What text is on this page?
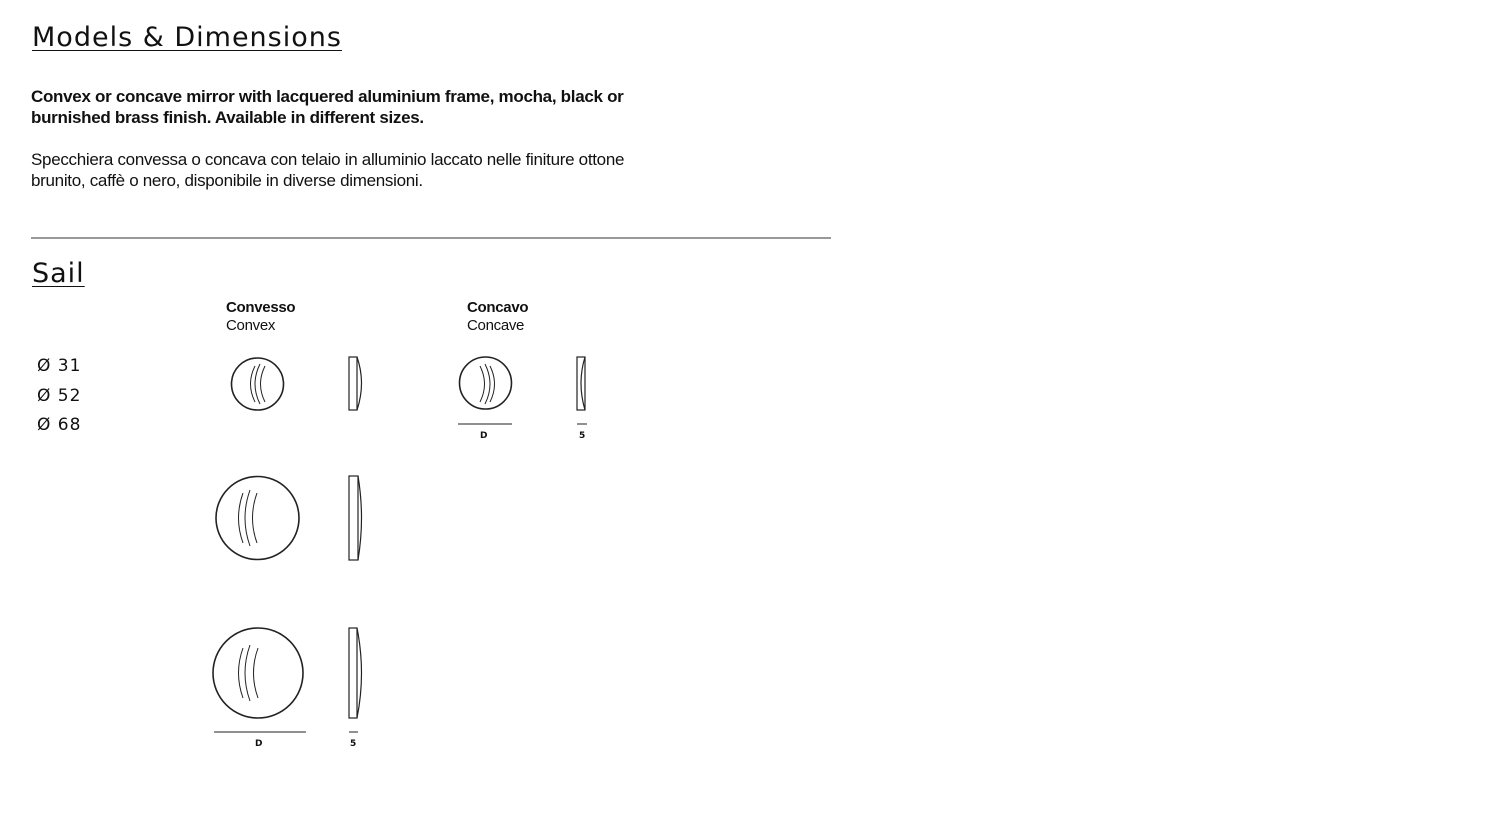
Models & Dimensions
Convex or concave mirror with lacquered aluminium frame, mocha, black or burnished brass finish. Available in different sizes.
Specchiera convessa o concava con telaio in alluminio laccato nelle finiture ottone brunito, caffè o nero, disponibile in diverse dimensioni.
Sail
Convesso
Convex
Concavo
Concave
Ø 31
Ø 52
Ø 68
D	5
D	5
